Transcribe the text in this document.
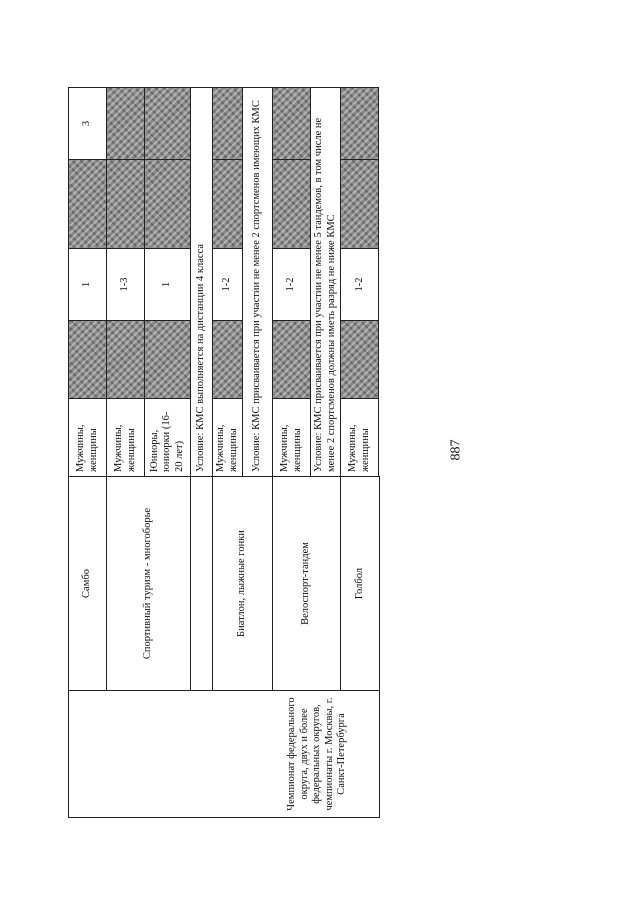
887
Чемпионат федерального округа, двух и более федеральных округов, чемпионаты г. Москвы, г. Санкт-Петербурга	Самбо	Мужчины, женщины		1		3
	Спортивный туризм - многоборье	Мужчины, женщины		1-3		
		Юниоры, юниорки (16-20 лет)		1		
		Условие: КМС выполняется на дистанции 4 класса				
	Биатлон, лыжные гонки	Мужчины, женщины		1-2		
		Условие: КМС присваивается при участии не менее 2 спортсменов имеющих КМС				
	Велоспорт-тандем	Мужчины, женщины		1-2		
		Условие: КМС присваивается при участии не менее 5 тандемов, в том числе не менее 2 спортсменов должны иметь разряд не ниже КМС				
	Голбол	Мужчины, женщины		1-2		
